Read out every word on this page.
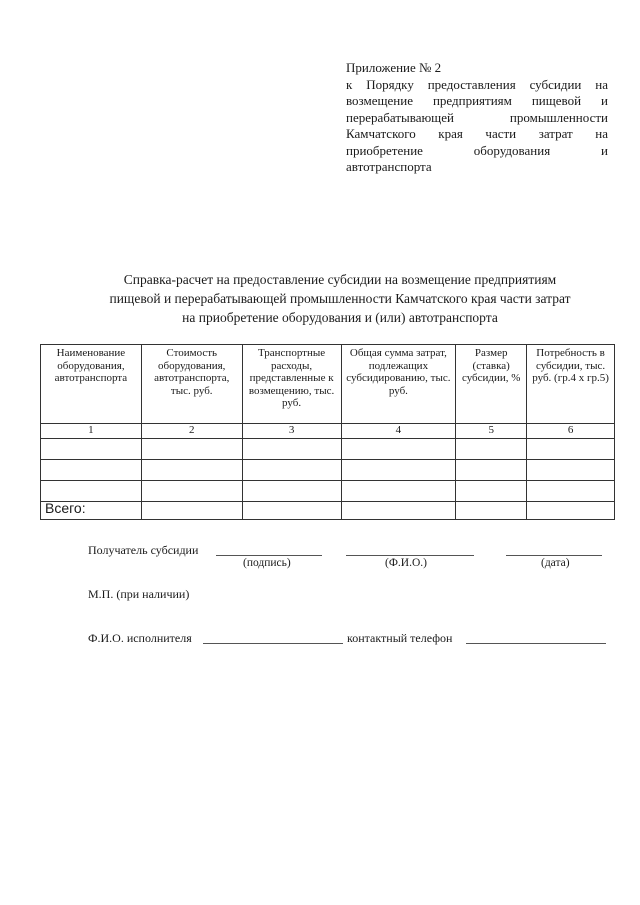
Приложение № 2
к Порядку предоставления субсидии на
возмещение предприятиям пищевой и
перерабатывающей промышленности
Камчатского края части затрат на
приобретение оборудования и
автотранспорта
Справка-расчет на предоставление субсидии на возмещение предприятиям
пищевой и перерабатывающей промышленности Камчатского края части затрат
на приобретение оборудования и (или) автотранспорта
Наименование оборудования, автотранспорта	Стоимость оборудования, автотранспорта, тыс. руб.	Транспортные расходы, представленные к возмещению, тыс. руб.	Общая сумма затрат, подлежащих субсидированию, тыс. руб.	Размер (ставка) субсидии, %	Потребность в субсидии, тыс. руб. (гр.4 х гр.5)
1	2	3	4	5	6

Всего:					
Получатель субсидии
(подпись)	(Ф.И.О.)	(дата)
М.П. (при наличии)
Ф.И.О. исполнителя	контактный телефон
